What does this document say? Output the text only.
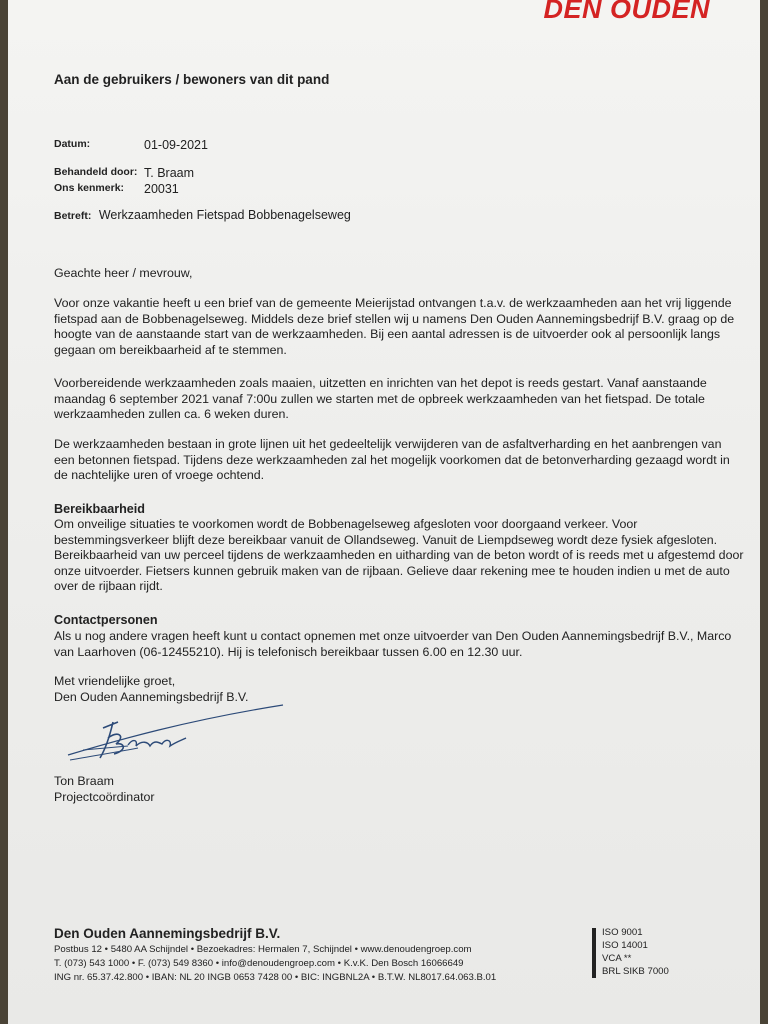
DEN OUDEN
Aan de gebruikers / bewoners van dit pand
Datum:	01-09-2021
Behandeld door: T. Braam
Ons kenmerk: 20031
Betreft: Werkzaamheden Fietspad Bobbenagelseweg

Geachte heer / mevrouw,

Voor onze vakantie heeft u een brief van de gemeente Meierijstad ontvangen t.a.v. de werkzaamheden aan het vrij liggende fietspad aan de Bobbenagelseweg. Middels deze brief stellen wij u namens Den Ouden Aannemingsbedrijf B.V. graag op de hoogte van de aanstaande start van de werkzaamheden. Bij een aantal adressen is de uitvoerder ook al persoonlijk langs gegaan om bereikbaarheid af te stemmen.

Voorbereidende werkzaamheden zoals maaien, uitzetten en inrichten van het depot is reeds gestart. Vanaf aanstaande maandag 6 september 2021 vanaf 7:00u zullen we starten met de opbreek werkzaamheden van het fietspad. De totale werkzaamheden zullen ca. 6 weken duren.

De werkzaamheden bestaan in grote lijnen uit het gedeeltelijk verwijderen van de asfaltverharding en het aanbrengen van een betonnen fietspad. Tijdens deze werkzaamheden zal het mogelijk voorkomen dat de betonverharding gezaagd wordt in de nachtelijke uren of vroege ochtend.

Bereikbaarheid

Om onveilige situaties te voorkomen wordt de Bobbenagelseweg afgesloten voor doorgaand verkeer. Voor bestemmingsverkeer blijft deze bereikbaar vanuit de Ollandseweg. Vanuit de Liempdseweg wordt deze fysiek afgesloten. Bereikbaarheid van uw perceel tijdens de werkzaamheden en uitharding van de beton wordt of is reeds met u afgestemd door onze uitvoerder. Fietsers kunnen gebruik maken van de rijbaan. Gelieve daar rekening mee te houden indien u met de auto over de rijbaan rijdt.

Contactpersonen

Als u nog andere vragen heeft kunt u contact opnemen met onze uitvoerder van Den Ouden Aannemingsbedrijf B.V., Marco van Laarhoven (06-12455210). Hij is telefonisch bereikbaar tussen 6.00 en 12.30 uur.

Met vriendelijke groet,

Den Ouden Aannemingsbedrijf B.V.

Ton Braam

Projectcoördinator

Den Ouden Aannemingsbedrijf B.V.
Postbus 12 • 5480 AA Schijndel • Bezoekadres: Hermalen 7, Schijndel • www.denoudengroep.com
T. (073) 543 1000 • F. (073) 549 8360 • info@denoudengroep.com • K.v.K. Den Bosch 16066649
ING nr. 65.37.42.800 • IBAN: NL 20 INGB 0653 7428 00 • BIC: INGBNL2A • B.T.W. NL8017.64.063.B.01
ISO 9001
ISO 14001
VCA **
BRL SIKB 7000
